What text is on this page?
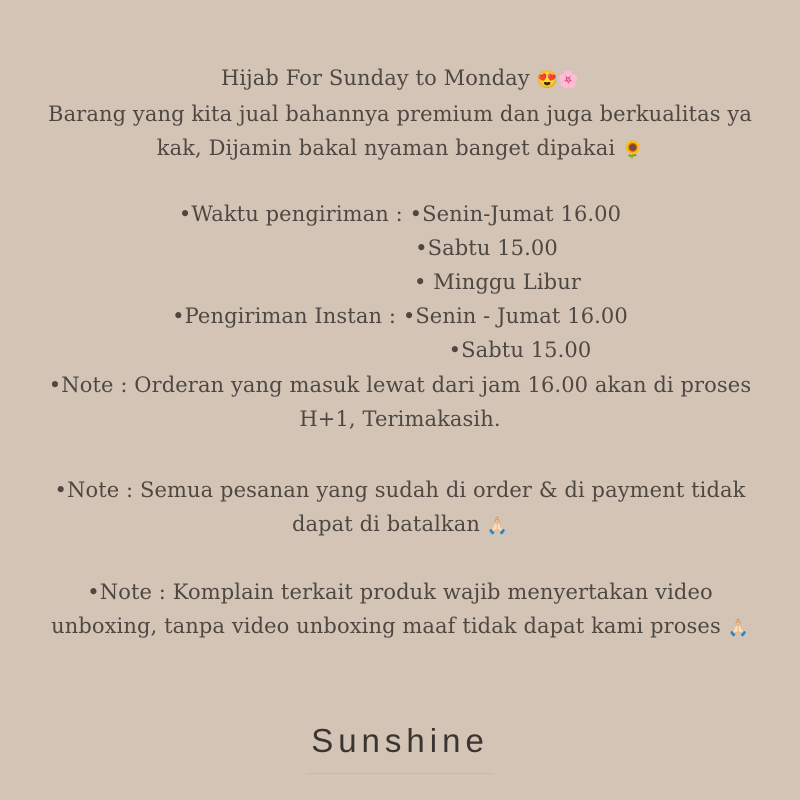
Hijab For Sunday to Monday 😍🌸
Barang yang kita jual bahannya premium dan juga berkualitas ya
kak, Dijamin bakal nyaman banget dipakai 🌻
•Waktu pengiriman : •Senin-Jumat 16.00
•Sabtu 15.00
• Minggu Libur
•Pengiriman Instan : •Senin - Jumat 16.00
•Sabtu 15.00
•Note : Orderan yang masuk lewat dari jam 16.00 akan di proses
H+1, Terimakasih.
•Note : Semua pesanan yang sudah di order & di payment tidak
dapat di batalkan 🙏🏻
•Note : Komplain terkait produk wajib menyertakan video
unboxing, tanpa video unboxing maaf tidak dapat kami proses 🙏🏻
Sunshine
